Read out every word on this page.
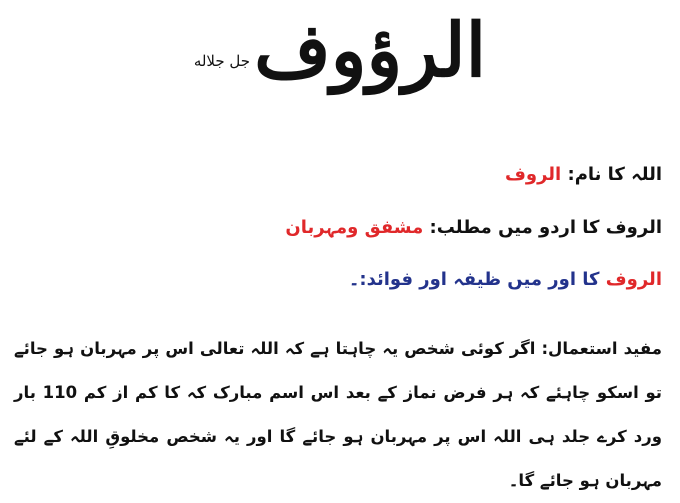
الرؤوفجل جلاله
اللہ کا نام: الروف
الروف کا اردو میں مطلب: مشفق ومہربان
الروف کا اور میں ظیفہ اور فوائد:۔

مفید استعمال: اگر کوئی شخص یہ چاہتا ہے کہ اللہ تعالی اس پر مہربان ہو جائے تو اسکو چاہئے کہ ہر فرض نماز کے بعد اس اسم مبارک کہ کا کم از کم 110 بار ورد کرے جلد ہی اللہ اس پر مہربان ہو جائے گا اور یہ شخص مخلوقِ اللہ کے لئے مہربان ہو جائے گا۔
